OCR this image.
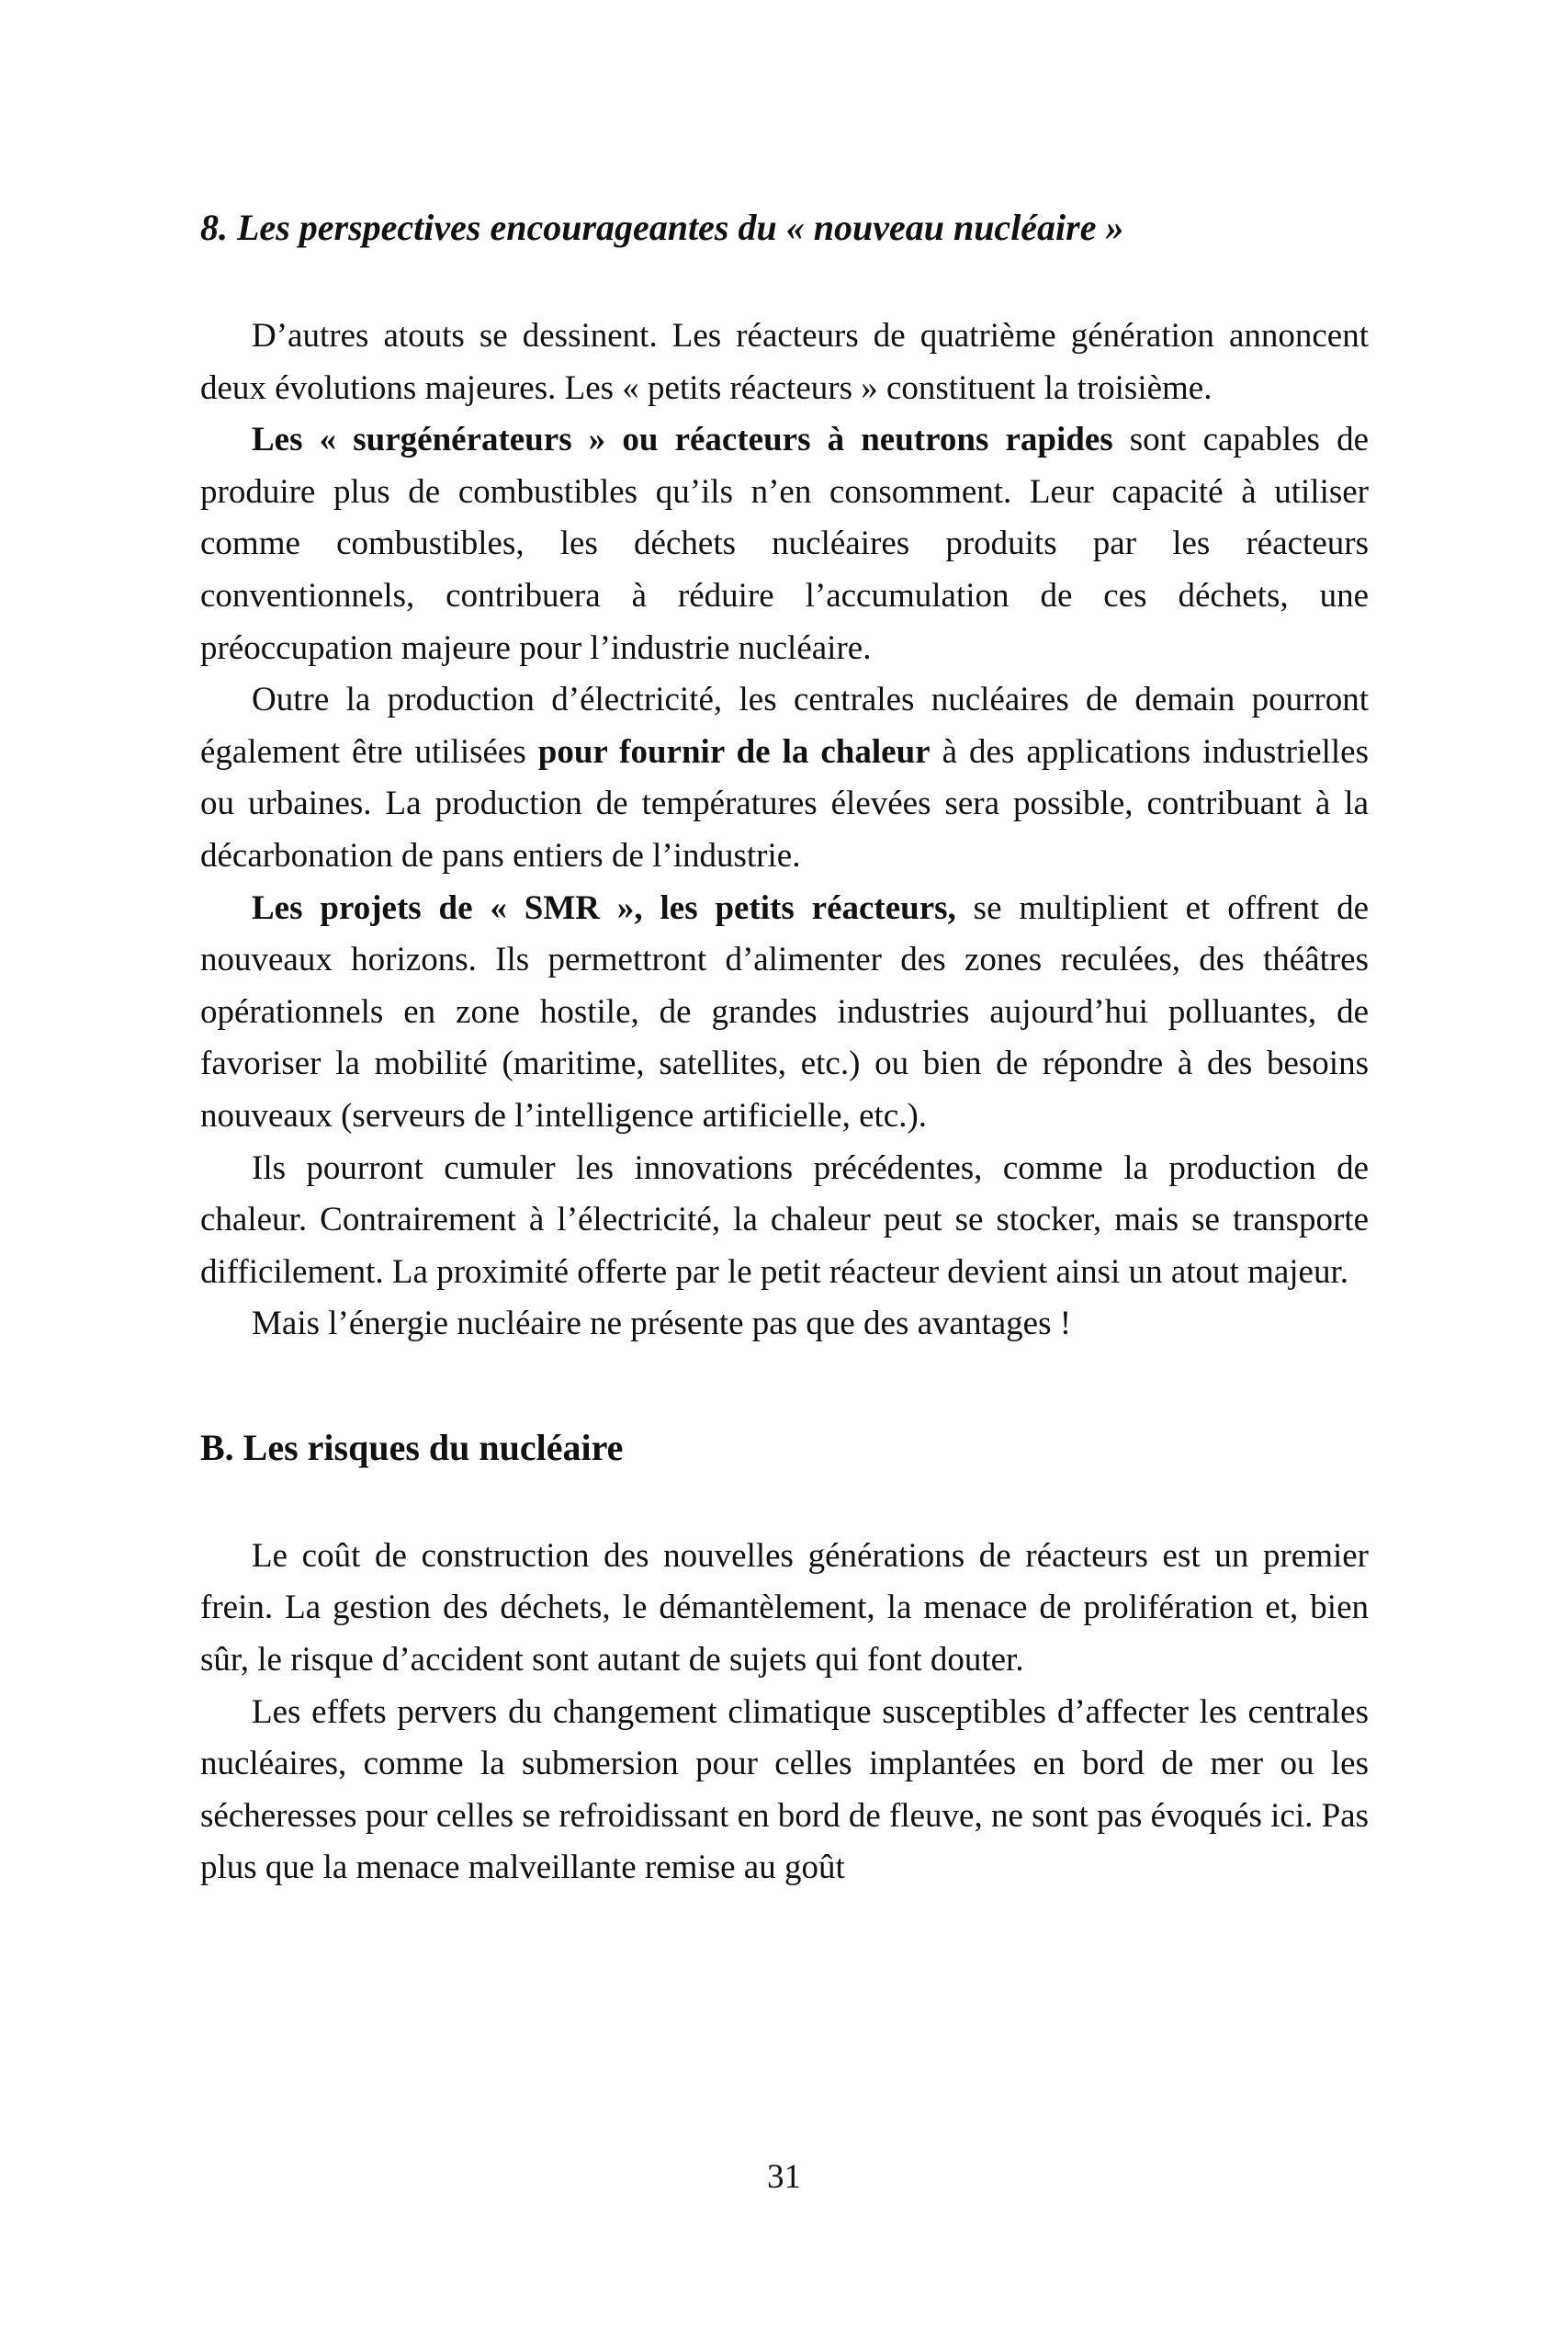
8. Les perspectives encourageantes du « nouveau nucléaire »

D’autres atouts se dessinent. Les réacteurs de quatrième génération annoncent deux évolutions majeures. Les « petits réacteurs » constituent la troisième.

Les « surgénérateurs » ou réacteurs à neutrons rapides sont capables de produire plus de combustibles qu’ils n’en consomment. Leur capacité à utiliser comme combustibles, les déchets nucléaires produits par les réacteurs conventionnels, contribuera à réduire l’accumulation de ces déchets, une préoccupation majeure pour l’industrie nucléaire.

Outre la production d’électricité, les centrales nucléaires de demain pourront également être utilisées pour fournir de la chaleur à des applications industrielles ou urbaines. La production de températures élevées sera possible, contribuant à la décarbonation de pans entiers de l’industrie.

Les projets de « SMR », les petits réacteurs, se multiplient et offrent de nouveaux horizons. Ils permettront d’alimenter des zones reculées, des théâtres opérationnels en zone hostile, de grandes industries aujourd’hui polluantes, de favoriser la mobilité (maritime, satellites, etc.) ou bien de répondre à des besoins nouveaux (serveurs de l’intelligence artificielle, etc.).

Ils pourront cumuler les innovations précédentes, comme la production de chaleur. Contrairement à l’électricité, la chaleur peut se stocker, mais se transporte difficilement. La proximité offerte par le petit réacteur devient ainsi un atout majeur.

Mais l’énergie nucléaire ne présente pas que des avantages !

B. Les risques du nucléaire

Le coût de construction des nouvelles générations de réacteurs est un premier frein. La gestion des déchets, le démantèlement, la menace de prolifération et, bien sûr, le risque d’accident sont autant de sujets qui font douter.

Les effets pervers du changement climatique susceptibles d’affecter les centrales nucléaires, comme la submersion pour celles implantées en bord de mer ou les sécheresses pour celles se refroidissant en bord de fleuve, ne sont pas évoqués ici. Pas plus que la menace malveillante remise au goût

31
